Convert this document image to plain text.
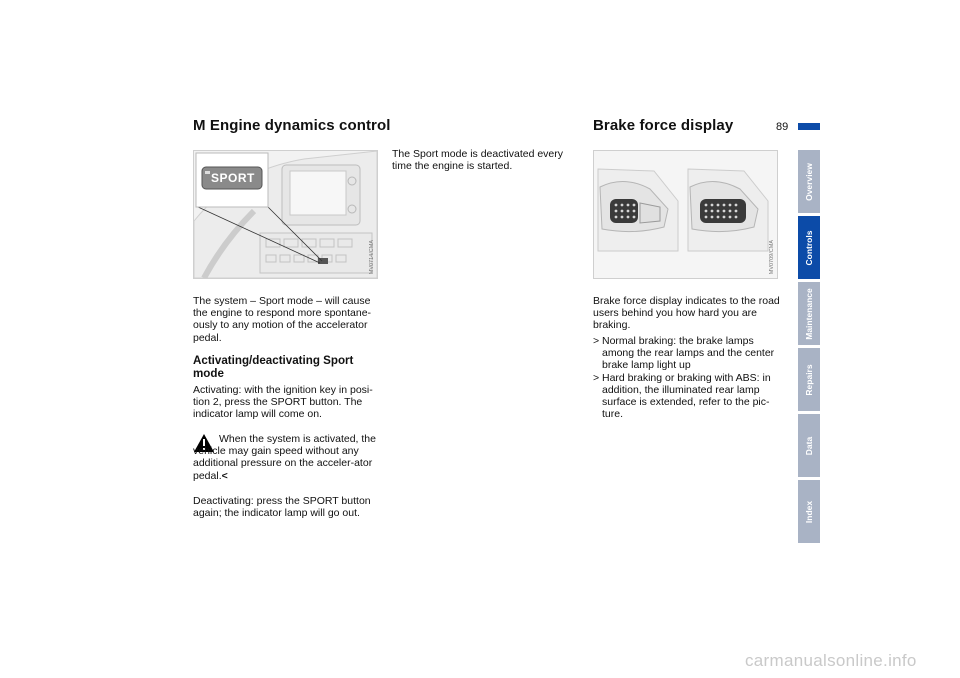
M Engine dynamics control	Brake force display	89
SPORT
MV0714/CMA

The system – Sport mode – will cause the engine to respond more spontane-ously to any motion of the accelerator pedal.

Activating/deactivating Sport mode
Activating: with the ignition key in posi-tion 2, press the SPORT button. The indicator lamp will come on.
When the system is activated, the vehicle may gain speed without any additional pressure on the acceler-ator pedal.<
Deactivating: press the SPORT button again; the indicator lamp will go out.
The Sport mode is deactivated every time the engine is started.
MV0709/CMA
Brake force display indicates to the road users behind you how hard you are braking.
> Normal braking: the brake lamps among the rear lamps and the center brake lamp light up
> Hard braking or braking with ABS: in addition, the illuminated rear lamp surface is extended, refer to the pic-ture.
Overview
Controls
Maintenance
Repairs
Data
Index
carmanualsonline.info
